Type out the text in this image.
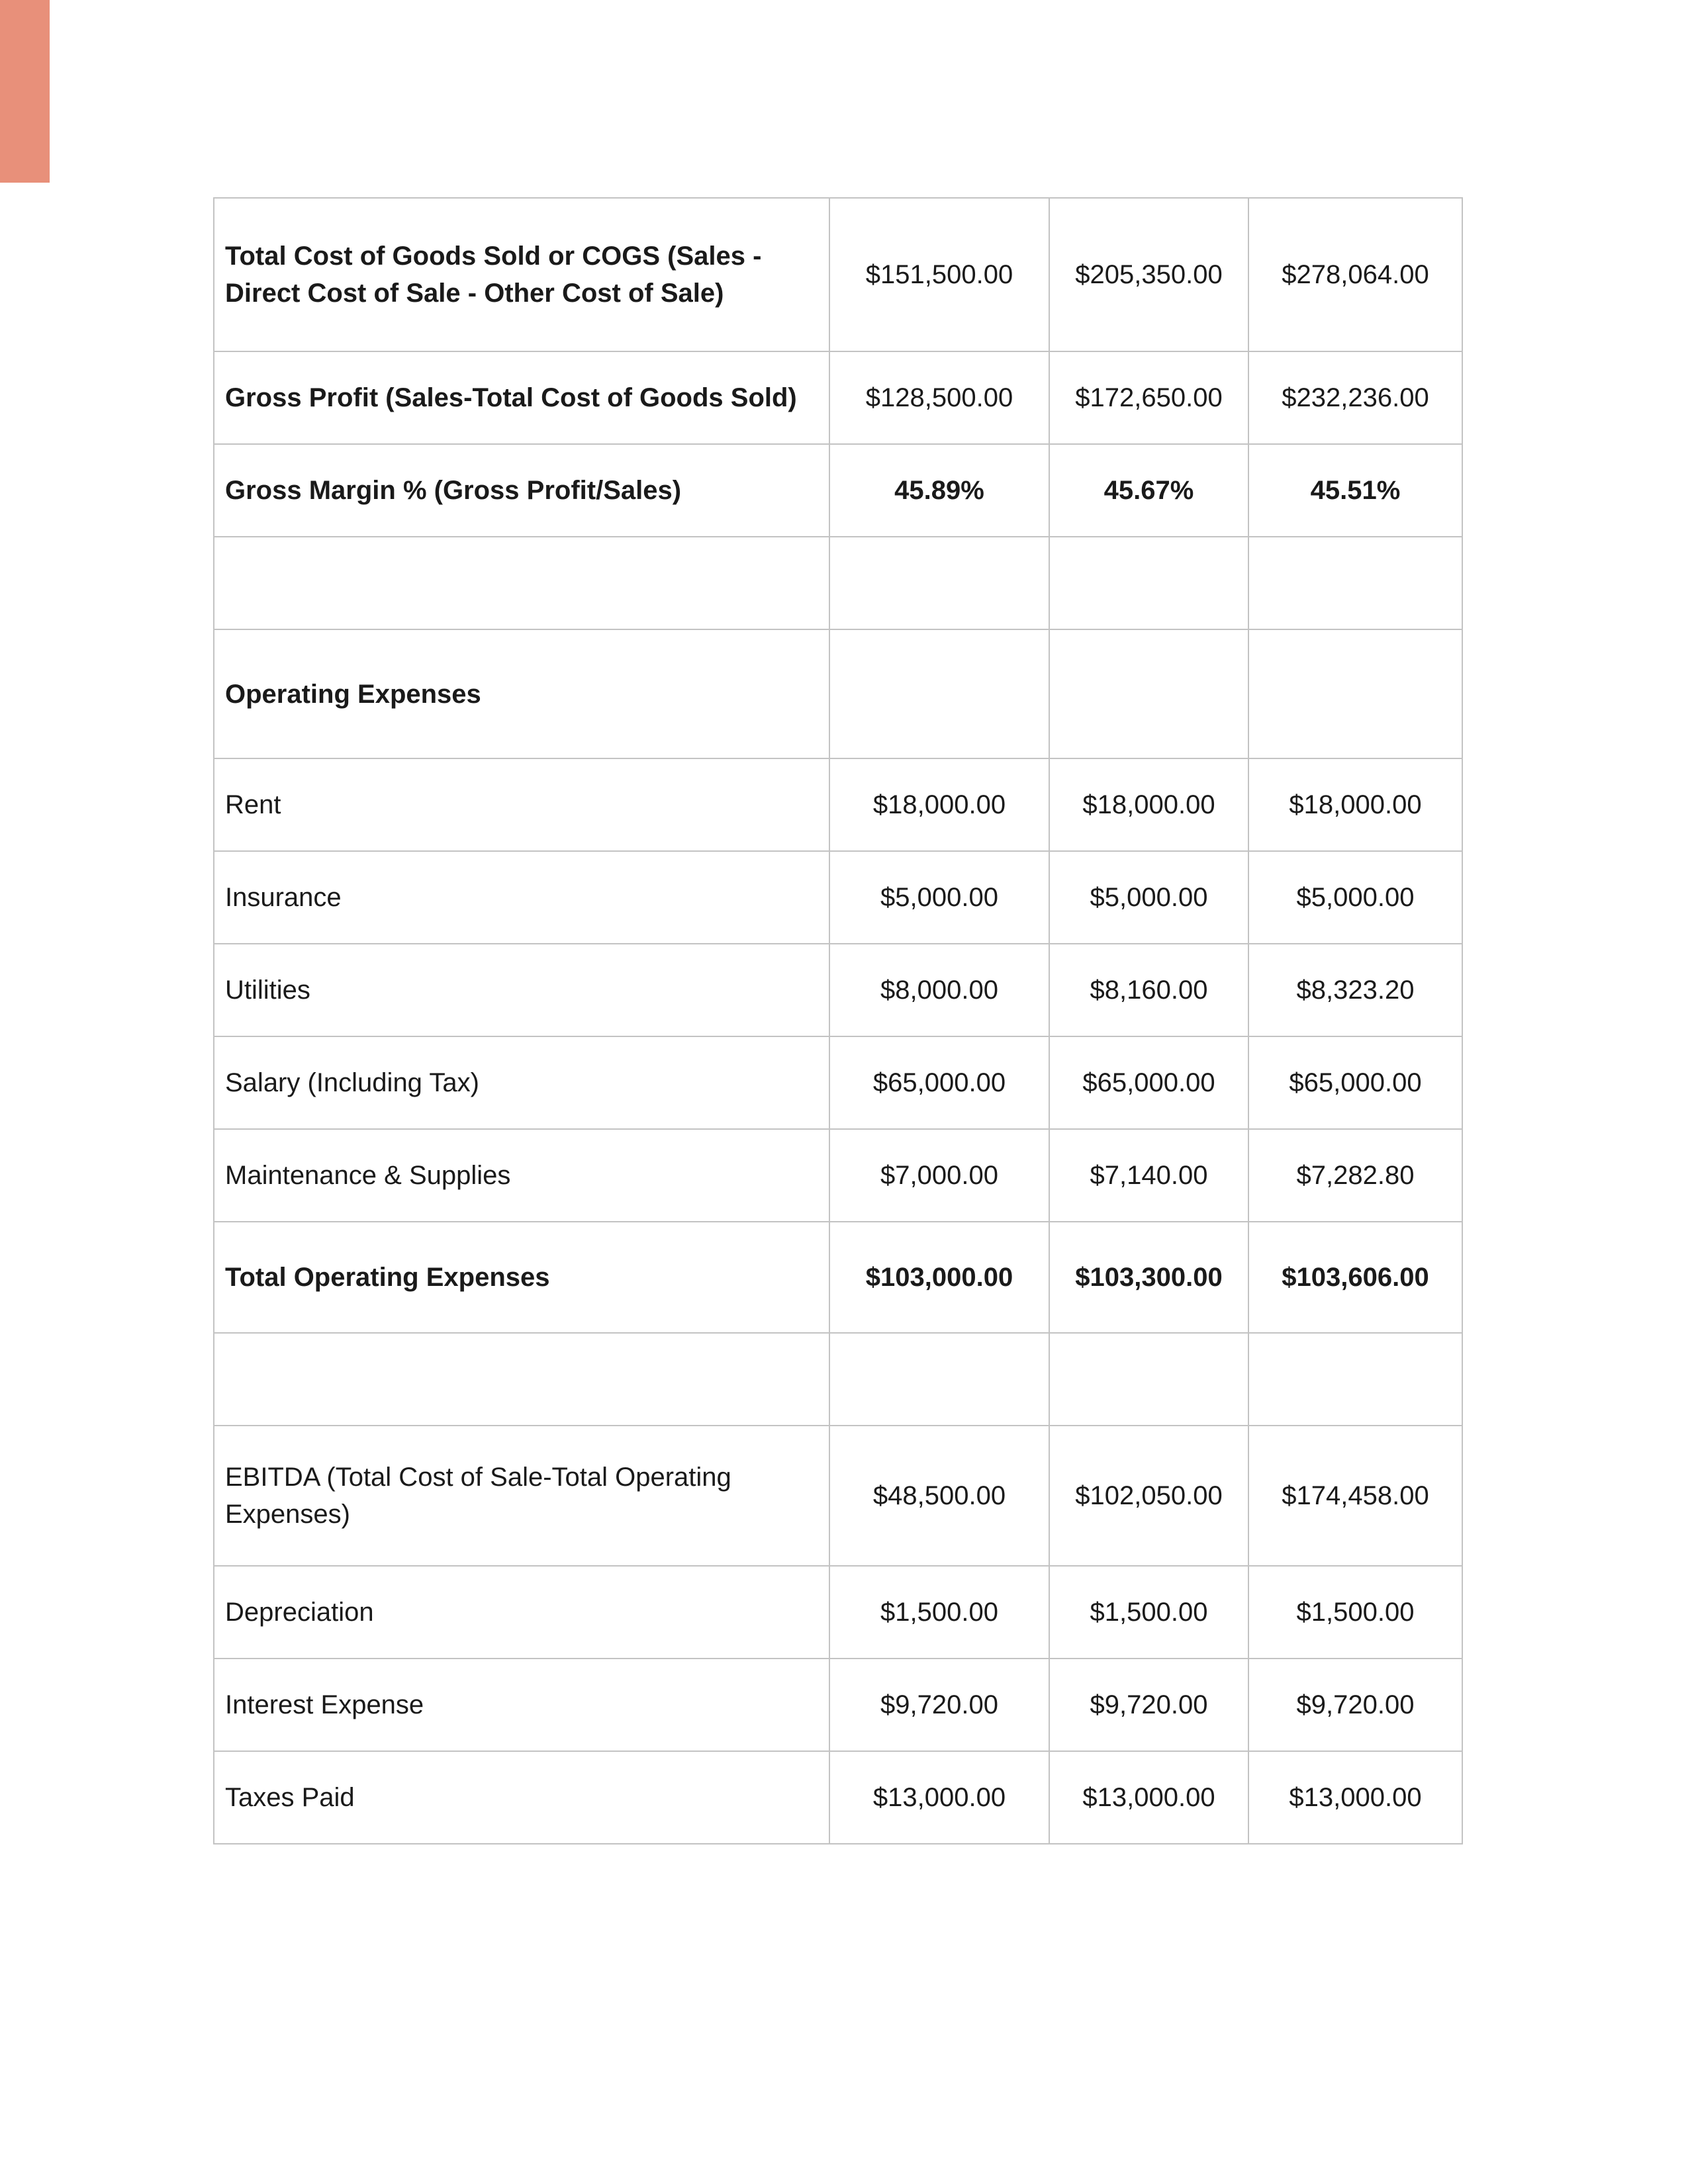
Total Cost of Goods Sold or COGS (Sales - Direct Cost of Sale - Other Cost of Sale)	$151,500.00	$205,350.00	$278,064.00
Gross Profit (Sales-Total Cost of Goods Sold)	$128,500.00	$172,650.00	$232,236.00
Gross Margin % (Gross Profit/Sales)	45.89%	45.67%	45.51%

Operating Expenses			
Rent	$18,000.00	$18,000.00	$18,000.00
Insurance	$5,000.00	$5,000.00	$5,000.00
Utilities	$8,000.00	$8,160.00	$8,323.20
Salary (Including Tax)	$65,000.00	$65,000.00	$65,000.00
Maintenance & Supplies	$7,000.00	$7,140.00	$7,282.80
Total Operating Expenses	$103,000.00	$103,300.00	$103,606.00

EBITDA (Total Cost of Sale-Total Operating Expenses)	$48,500.00	$102,050.00	$174,458.00
Depreciation	$1,500.00	$1,500.00	$1,500.00
Interest Expense	$9,720.00	$9,720.00	$9,720.00
Taxes Paid	$13,000.00	$13,000.00	$13,000.00
